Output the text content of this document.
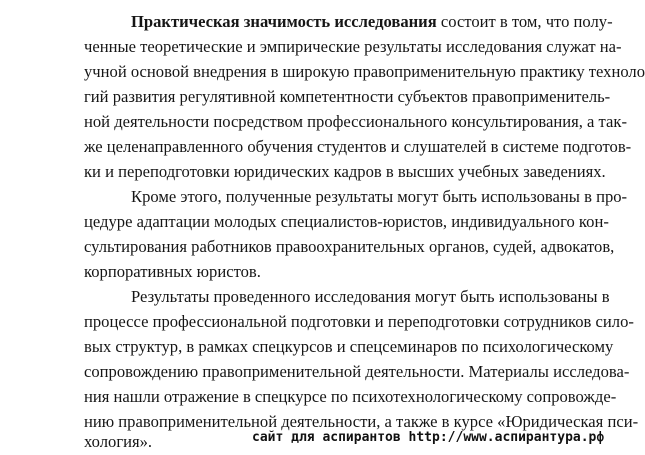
Практическая значимость исследования состоит в том, что полу-
ченные теоретические и эмпирические результаты исследования служат на-
учной основой внедрения в широкую правоприменительную практику техноло
гий развития регулятивной компетентности субъектов правоприменитель-
ной деятельности посредством профессионального консультирования, а так-
же целенаправленного обучения студентов и слушателей в системе подготов-
ки и переподготовки юридических кадров в высших учебных заведениях.
Кроме этого, полученные результаты могут быть использованы в про-
цедуре адаптации молодых специалистов-юристов, индивидуального кон-
сультирования работников правоохранительных органов, судей, адвокатов,
корпоративных юристов.
Результаты проведенного исследования могут быть использованы в
процессе профессиональной подготовки и переподготовки сотрудников сило-
вых структур, в рамках спецкурсов и спецсеминаров по психологическому
сопровождению правоприменительной деятельности. Материалы исследова-
ния нашли отражение в спецкурсе по психотехнологическому сопровожде-
нию правоприменительной деятельности, а также в курсе «Юридическая пси-
хология».	сайт для аспирантов http://www.аспирантура.рф
